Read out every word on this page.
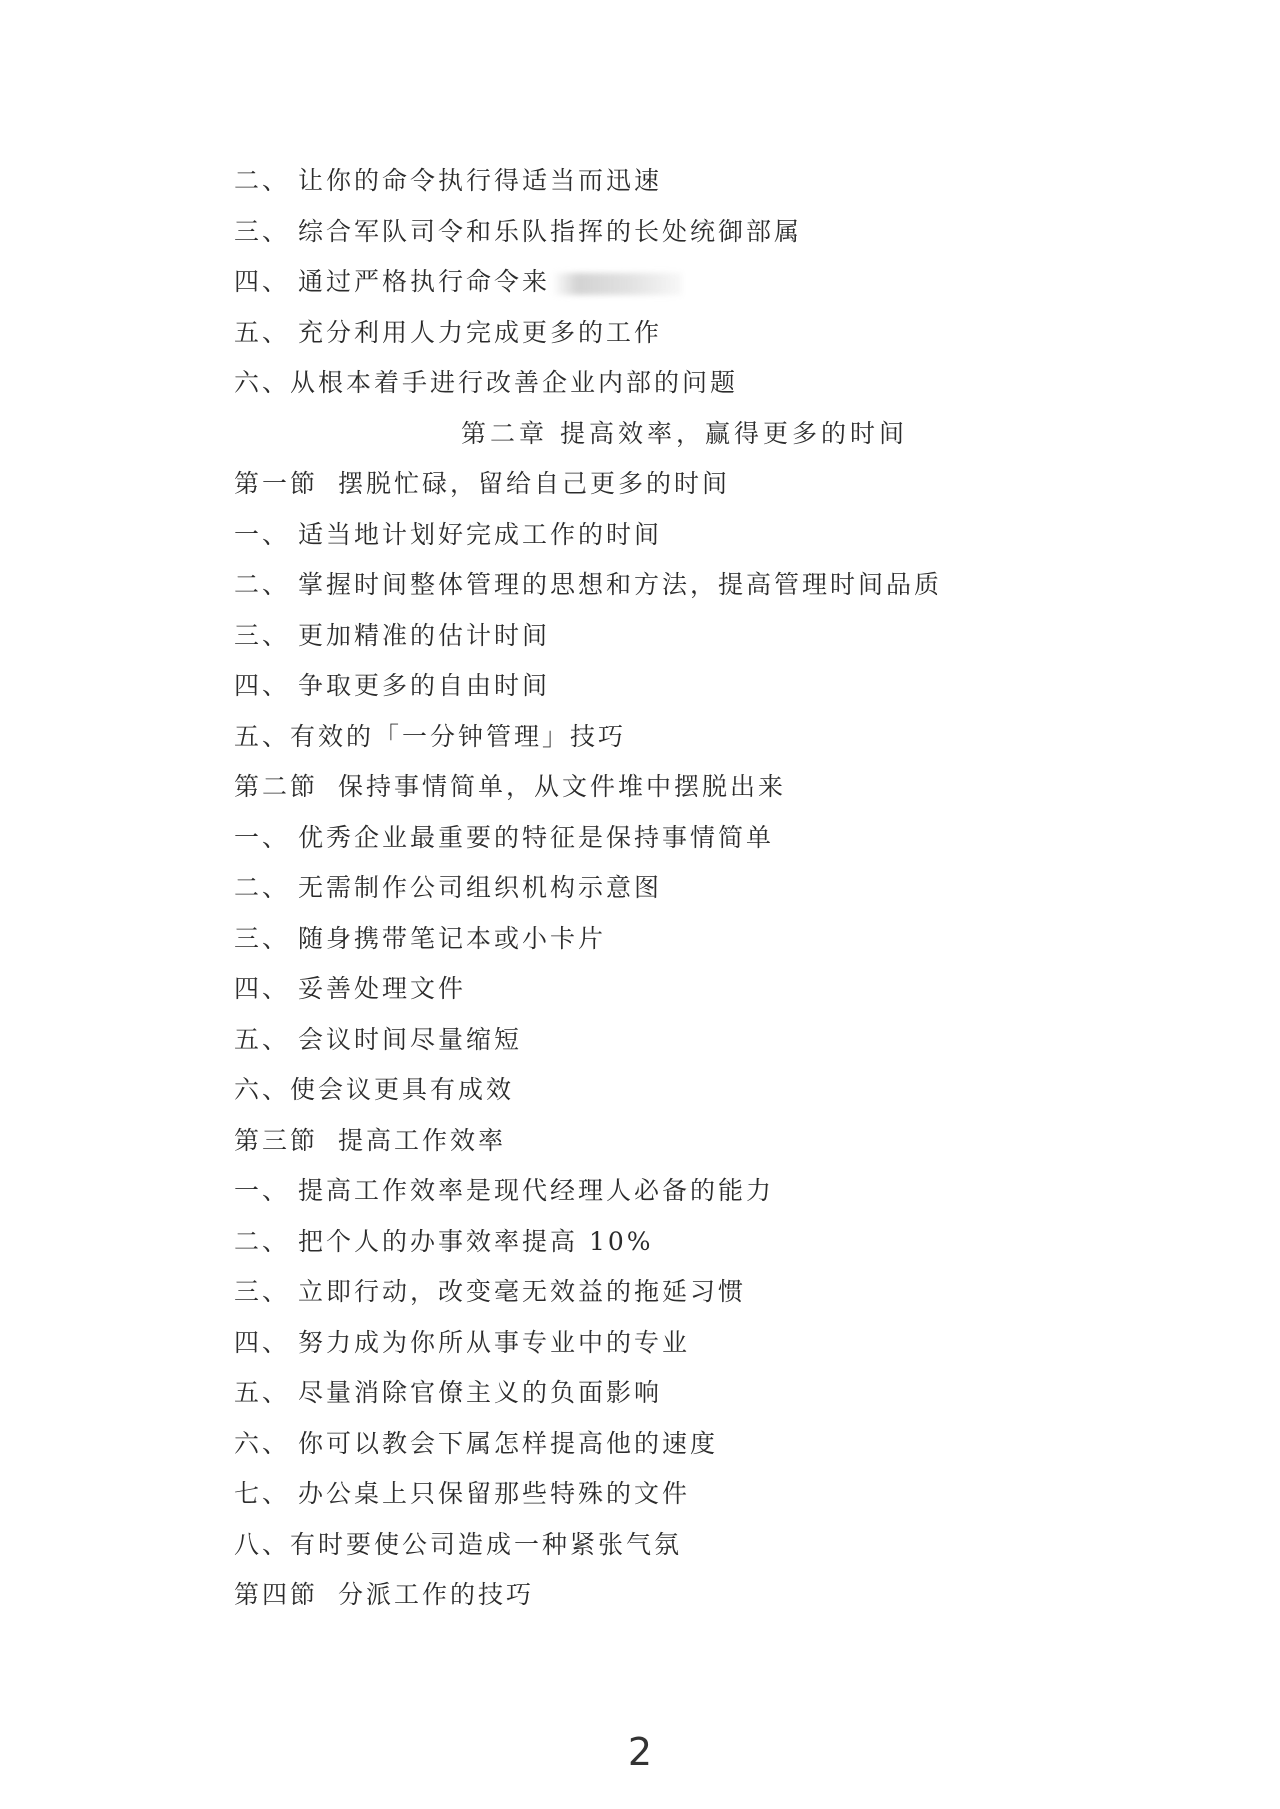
二、 让你的命令执行得适当而迅速
三、 综合军队司令和乐队指挥的长处统御部属
四、 通过严格执行命令来
五、 充分利用人力完成更多的工作
六、从根本着手进行改善企业内部的问题
第二章 提高效率，赢得更多的时间
第一節 摆脱忙碌，留给自己更多的时间
一、 适当地计划好完成工作的时间
二、 掌握时间整体管理的思想和方法，提高管理时间品质
三、 更加精准的估计时间
四、 争取更多的自由时间
五、有效的「一分钟管理」技巧
第二節 保持事情简单，从文件堆中摆脱出来
一、 优秀企业最重要的特征是保持事情简单
二、 无需制作公司组织机构示意图
三、 随身携带笔记本或小卡片
四、 妥善处理文件
五、 会议时间尽量缩短
六、使会议更具有成效
第三節 提高工作效率
一、 提高工作效率是现代经理人必备的能力
二、 把个人的办事效率提高 10%
三、 立即行动，改变毫无效益的拖延习惯
四、 努力成为你所从事专业中的专业
五、 尽量消除官僚主义的负面影响
六、 你可以教会下属怎样提高他的速度
七、 办公桌上只保留那些特殊的文件
八、有时要使公司造成一种紧张气氛
第四節 分派工作的技巧
2
